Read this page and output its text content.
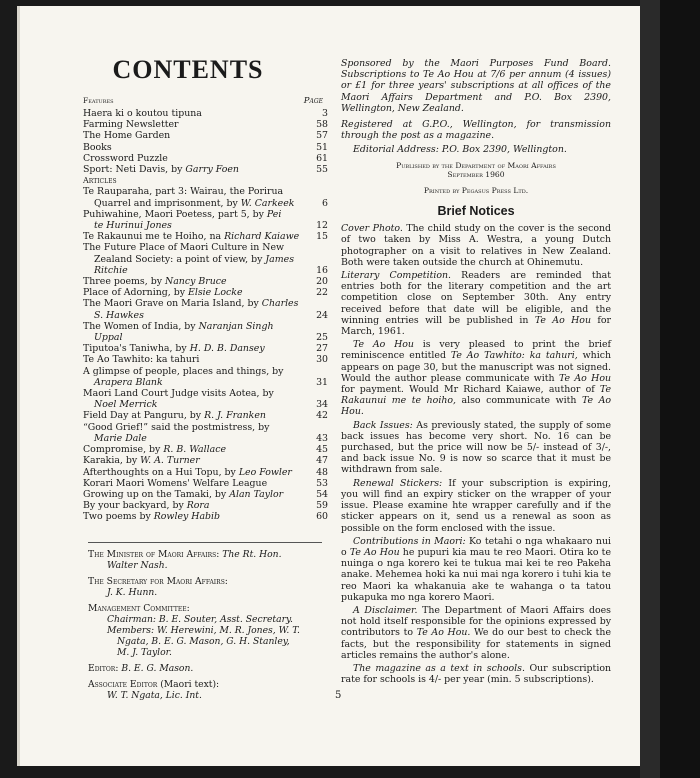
CONTENTS
Features	Page
Haera ki o koutou tipuna	3
Farming Newsletter	58
The Home Garden	57
Books	51
Crossword Puzzle	61
Sport: Neti Davis, by Garry Foen	55
Articles
Te Rauparaha, part 3: Wairau, the Porirua
Quarrel and imprisonment, by W. Carkeek	6
Puhiwahine, Maori Poetess, part 5, by Pei
te Hurinui Jones	12
Te Rakaunui me te Hoiho, na Richard Kaiawe	15
The Future Place of Maori Culture in New
Zealand Society: a point of view, by James
Ritchie	16
Three poems, by Nancy Bruce	20
Place of Adorning, by Elsie Locke	22
The Maori Grave on Maria Island, by Charles
S. Hawkes	24
The Women of India, by Naranjan Singh
Uppal	25
Tiputoa's Taniwha, by H. D. B. Dansey	27
Te Ao Tawhito: ka tahuri	30
A glimpse of people, places and things, by
Arapera Blank	31
Maori Land Court Judge visits Aotea, by
Noel Merrick	34
Field Day at Panguru, by R. J. Franken	42
“Good Grief!” said the postmistress, by
Marie Dale	43
Compromise, by R. B. Wallace	45
Karakia, by W. A. Turner	47
Afterthoughts on a Hui Topu, by Leo Fowler	48
Korari Maori Womens' Welfare League	53
Growing up on the Tamaki, by Alan Taylor	54
By your backyard, by Rora	59
Two poems by Rowley Habib	60
The Minister of Maori Affairs: The Rt. Hon.
Walter Nash.
The Secretary for Maori Affairs:
J. K. Hunn.
Management Committee:
Chairman: B. E. Souter, Asst. Secretary.
Members: W. Herewini, M. R. Jones, W. T.
Ngata, B. E. G. Mason, G. H. Stanley,
M. J. Taylor.
Editor: B. E. G. Mason.
Associate Editor (Maori text):
W. T. Ngata, Lic. Int.

Sponsored by the Maori Purposes Fund Board. Subscriptions to Te Ao Hou at 7/6 per annum (4 issues) or £1 for three years' subscriptions at all offices of the Maori Affairs Department and P.O. Box 2390, Wellington, New Zealand.

Registered at G.P.O., Wellington, for transmission through the post as a magazine.

Editorial Address: P.O. Box 2390, Wellington.

Published by the Department of Maori Affairs
September 1960
Printed by Pegasus Press Ltd.
Brief Notices

Cover Photo. The child study on the cover is the second of two taken by Miss A. Westra, a young Dutch photographer on a visit to relatives in New Zealand. Both were taken outside the church at Ohinemutu.

Literary Competition. Readers are reminded that entries both for the literary competition and the art competition close on September 30th. Any entry received before that date will be eligible, and the winning entries will be published in Te Ao Hou for March, 1961.

Te Ao Hou is very pleased to print the brief reminiscence entitled Te Ao Tawhito: ka tahuri, which appears on page 30, but the manuscript was not signed. Would the author please communicate with Te Ao Hou for payment. Would Mr Richard Kaiawe, author of Te Rakaunui me te hoiho, also communicate with Te Ao Hou.

Back Issues: As previously stated, the supply of some back issues has become very short. No. 16 can be purchased, but the price will now be 5/- instead of 3/-, and back issue No. 9 is now so scarce that it must be withdrawn from sale.

Renewal Stickers: If your subscription is expiring, you will find an expiry sticker on the wrapper of your issue. Please examine hte wrapper carefully and if the sticker appears on it, send us a renewal as soon as possible on the form enclosed with the issue.

Contributions in Maori: Ko tetahi o nga whakaaro nui o Te Ao Hou he pupuri kia mau te reo Maori. Otira ko te nuinga o nga korero kei te tukua mai kei te reo Pakeha anake. Mehemea hoki ka nui mai nga korero i tuhi kia te reo Maori ka whakanuia ake te wahanga o ta tatou pukapuka mo nga korero Maori.

A Disclaimer. The Department of Maori Affairs does not hold itself responsible for the opinions expressed by contributors to Te Ao Hou. We do our best to check the facts, but the responsibility for statements in signed articles remains the author's alone.

The magazine as a text in schools. Our subscription rate for schools is 4/- per year (min. 5 subscriptions).

5
